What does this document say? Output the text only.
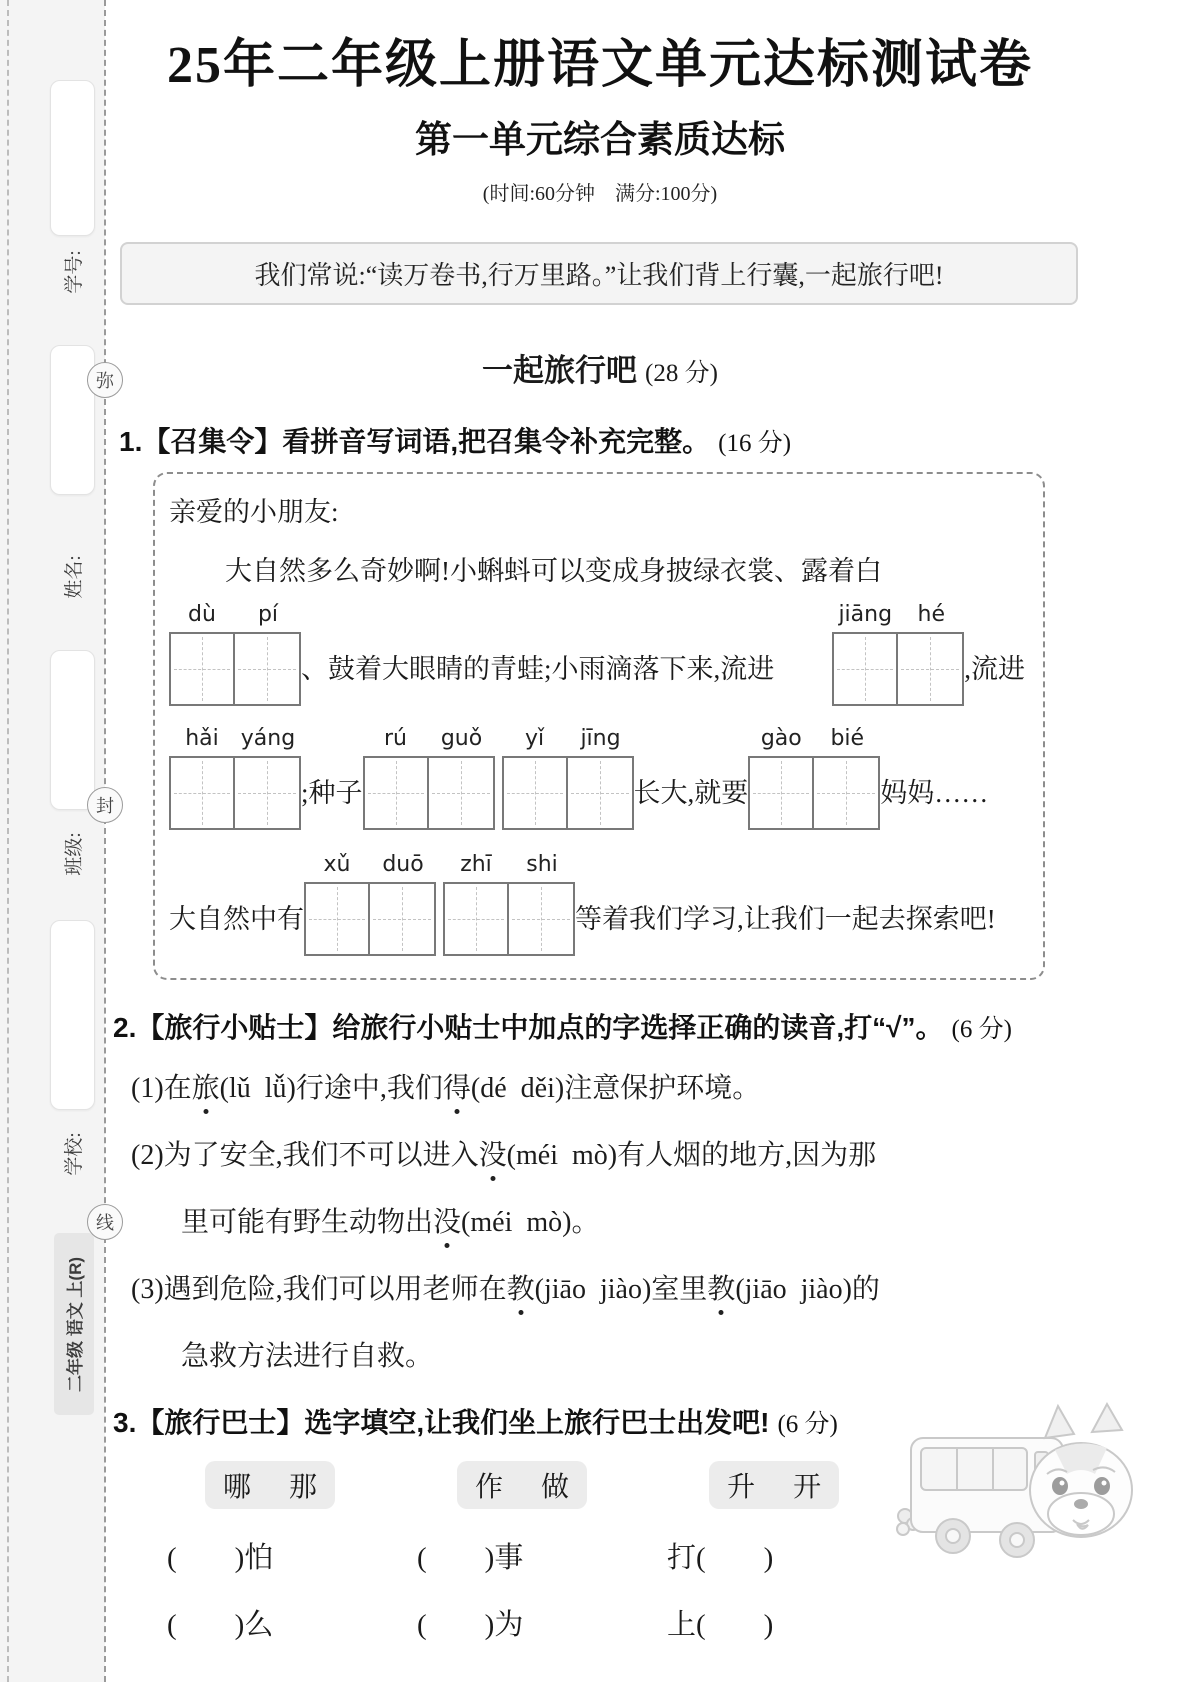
学号:
姓名:
班级:
学校:
二年级 语文 上(R)
弥
封
线
25年二年级上册语文单元达标测试卷
第一单元综合素质达标
(时间:60分钟    满分:100分)
我们常说:“读万卷书,行万里路。”让我们背上行囊,一起旅行吧!
一起旅行吧 (28 分)
1.【召集令】看拼音写词语,把召集令补充完整。 (16 分)
亲爱的小朋友:
大自然多么奇妙啊!小蝌蚪可以变成身披绿衣裳、露着白
dù	pí
、鼓着大眼睛的青蛙;小雨滴落下来,流进
jiāng	hé
,流进
hǎi	yáng
;种子
rú	guǒ	yǐ	jīng
长大,就要
gào	bié
妈妈……
大自然中有
xǔ	duō	zhī	shi
等着我们学习,让我们一起去探索吧!
2.【旅行小贴士】给旅行小贴士中加点的字选择正确的读音,打“√”。 (6 分)
(1)在旅(lǔ  lǚ)行途中,我们得(dé  děi)注意保护环境。
(2)为了安全,我们不可以进入没(méi  mò)有人烟的地方,因为那
里可能有野生动物出没(méi  mò)。
(3)遇到危险,我们可以用老师在教(jiāo  jiào)室里教(jiāo  jiào)的
急救方法进行自救。
3.【旅行巴士】选字填空,让我们坐上旅行巴士出发吧! (6 分)
哪 那	作 做	升 开
(        )怕	(        )事	打(        )
(        )么	(        )为	上(        )
